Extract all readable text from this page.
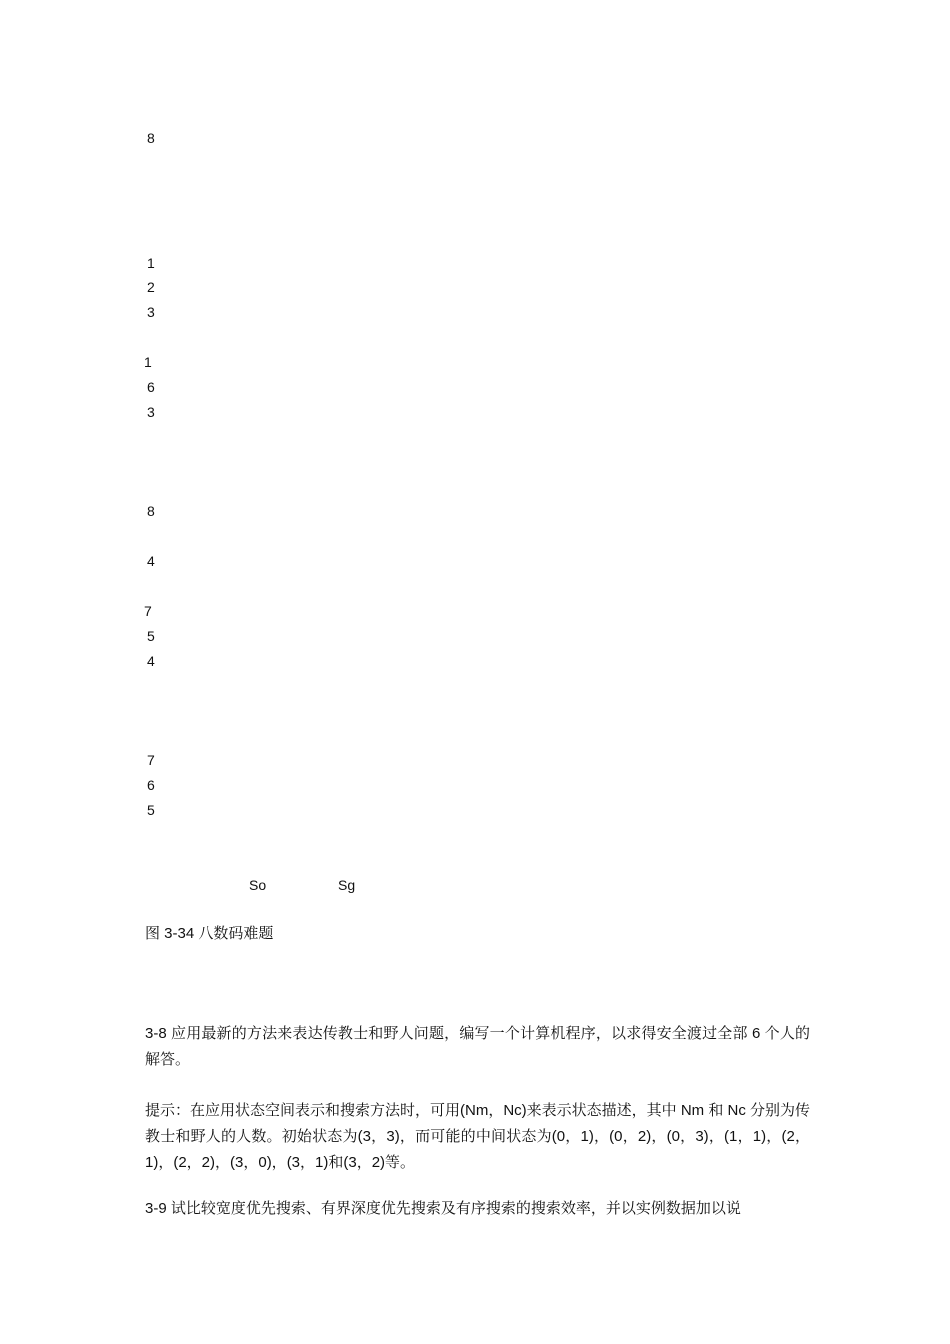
8
1
2
3
1
6
3
8
4
7
5
4
7
6
5
So	Sg
图 3-34 八数码难题
3-8 应用最新的方法来表达传教士和野人问题，编写一个计算机程序，以求得安全渡过全部 6 个人的解答。
提示：在应用状态空间表示和搜索方法时，可用(Nm，Nc)来表示状态描述，其中 Nm 和 Nc 分别为传教士和野人的人数。初始状态为(3，3)，而可能的中间状态为(0，1)，(0，2)，(0，3)，(1，1)，(2，1)，(2，2)，(3，0)，(3，1)和(3，2)等。
3-9 试比较宽度优先搜索、有界深度优先搜索及有序搜索的搜索效率，并以实例数据加以说
